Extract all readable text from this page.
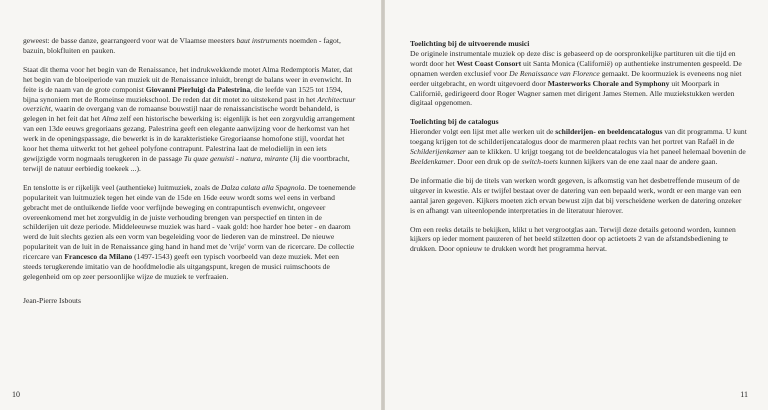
geweest: de basse danze, gearrangeerd voor wat de Vlaamse meesters baut instruments noemden - fagot, bazuin, blokfluiten en pauken.

Staat dit thema voor het begin van de Renaissance, het indrukwekkende motet Alma Redemptoris Mater, dat het begin van de bloeiperiode van muziek uit de Renaissance inluidt, brengt de balans weer in evenwicht. In feite is de naam van de grote componist Giovanni Pierluigi da Palestrina, die leefde van 1525 tot 1594, bijna synoniem met de Romeinse muziekschool. De reden dat dit motet zo uitstekend past in het Architectuur overzicht, waarin de overgang van de romaanse bouwstijl naar de renaissancistische wordt behandeld, is gelegen in het feit dat het Alma zelf een historische bewerking is: eigenlijk is het een zorgvuldig arrangement van een 13de eeuws gregoriaans gezang. Palestrina geeft een elegante aanwijzing voor de herkomst van het werk in de openingspassage, die bewerkt is in de karakteristieke Gregoriaanse homofone stijl, voordat het koor het thema uitwerkt tot het geheel polyfone contrapunt. Palestrina laat de melodielijn in een iets gewijzigde vorm nogmaals terugkeren in de passage Tu quae genuisti - natura, mirante (Jij die voortbracht, terwijl de natuur eerbiedig toekeek ...).

En tenslotte is er rijkelijk veel (authentieke) luitmuziek, zoals de Dalza calata alla Spagnola. De toenemende populariteit van luitmuziek tegen het einde van de 15de en 16de eeuw wordt soms wel eens in verband gebracht met de ontluikende liefde voor verfijnde beweging en contrapuntisch evenwicht, ongeveer overeenkomend met het zorgvuldig in de juiste verhouding brengen van perspectief en tinten in de schilderijen uit deze periode. Middeleeuwse muziek was hard - vaak gold: hoe harder hoe beter - en daarom werd de luit slechts gezien als een vorm van begeleiding voor de liederen van de minstreel. De nieuwe populariteit van de luit in de Renaissance ging hand in hand met de 'vrije' vorm van de ricercare. De collectie ricercare van Francesco da Milano (1497-1543) geeft een typisch voorbeeld van deze muziek. Met een steeds terugkerende imitatio van de hoofdmelodie als uitgangspunt, kregen de musici ruimschoots de gelegenheid om op zeer persoonlijke wijze de muziek te verfraaien.

Jean-Pierre Isbouts

10

Toelichting bij de uitvoerende musici

De originele instrumentale muziek op deze disc is gebaseerd op de oorspronkelijke partituren uit die tijd en wordt door het West Coast Consort uit Santa Monica (Californië) op authentieke instrumenten gespeeld. De opnamen werden exclusief voor De Renaissance van Florence gemaakt. De koormuziek is eveneens nog niet eerder uitgebracht, en wordt uitgevoerd door Masterworks Chorale and Symphony uit Moorpark in Californië, gedirigeerd door Roger Wagner samen met dirigent James Stemen. Alle muziekstukken werden digitaal opgenomen.

Toelichting bij de catalogus

Hieronder volgt een lijst met alle werken uit de schilderijen- en beeldencatalogus van dit programma. U kunt toegang krijgen tot de schilderijencatalogus door de marmeren plaat rechts van het portret van Rafaël in de Schilderijenkamer aan te klikken. U krijgt toegang tot de beeldencatalogus via het paneel helemaal bovenin de Beeldenkamer. Door een druk op de switch-toets kunnen kijkers van de ene zaal naar de andere gaan.

De informatie die bij de titels van werken wordt gegeven, is afkomstig van het desbetreffende museum of de uitgever in kwestie. Als er twijfel bestaat over de datering van een bepaald werk, wordt er een marge van een aantal jaren gegeven. Kijkers moeten zich ervan bewust zijn dat bij verscheidene werken de datering onzeker is en afhangt van uiteenlopende interpretaties in de literatuur hierover.

Om een reeks details te bekijken, klikt u het vergrootglas aan. Terwijl deze details getoond worden, kunnen kijkers op ieder moment pauzeren of het beeld stilzetten door op actietoets 2 van de afstandsbediening te drukken. Door opnieuw te drukken wordt het programma hervat.

11
